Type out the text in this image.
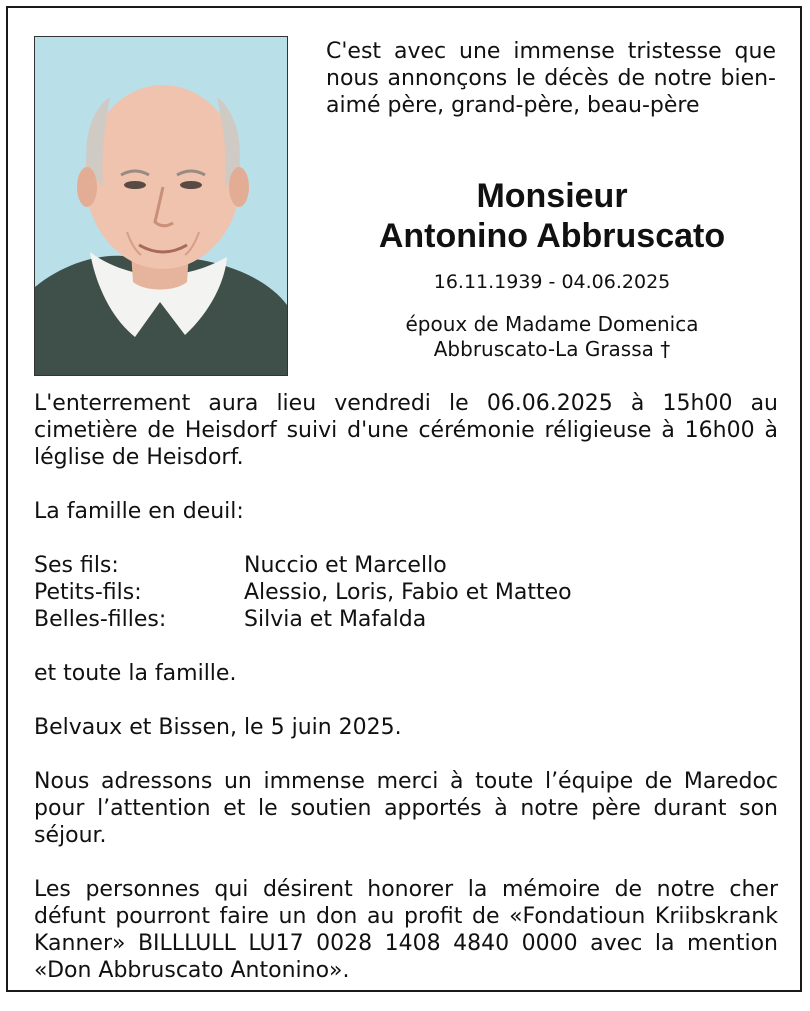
C'est avec une immense tristesse que nous annonçons le décès de notre bien-aimé père, grand-père, beau-père

Monsieur

Antonino Abbruscato

16.11.1939 - 04.06.2025

époux de Madame Domenica
Abbruscato-La Grassa †

L'enterrement aura lieu vendredi le 06.06.2025 à 15h00 au cimetière de Heisdorf suivi d'une cérémonie réligieuse à 16h00 à léglise de Heisdorf.

La famille en deuil:

Ses fils:	Nuccio et Marcello
Petits-fils:	Alessio, Loris, Fabio et Matteo
Belles-filles:	Silvia et Mafalda

et toute la famille.

Belvaux et Bissen, le 5 juin 2025.

Nous adressons un immense merci à toute l’équipe de Maredoc pour l’attention et le soutien apportés à notre père durant son séjour.

Les personnes qui désirent honorer la mémoire de notre cher défunt pourront faire un don au profit de «Fondatioun Kriibskrank Kanner» BILLLULL LU17 0028 1408 4840 0000 avec la mention «Don Abbruscato Antonino».
